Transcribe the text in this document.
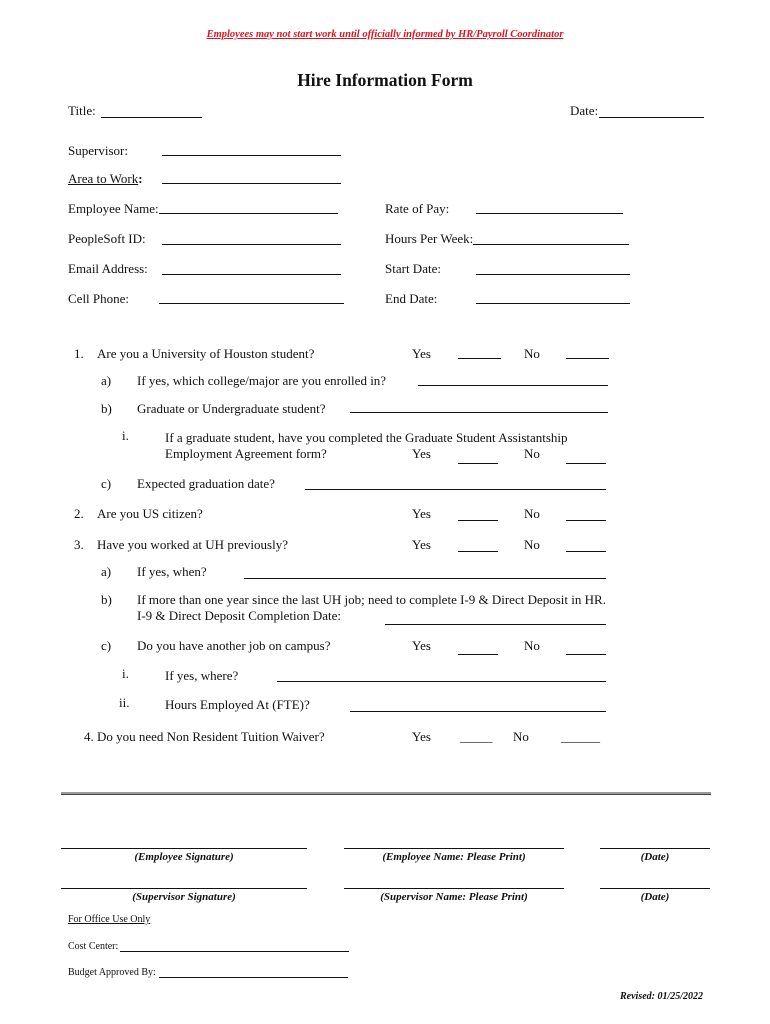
Employees may not start work until officially informed by HR/Payroll Coordinator
Hire Information Form
Title:	Date:
Supervisor:
Area to Work:
Employee Name:	Rate of Pay:
PeopleSoft ID:	Hours Per Week:
Email Address:	Start Date:
Cell Phone:	End Date:
1. Are you a University of Houston student?	Yes	No
a) If yes, which college/major are you enrolled in?
b) Graduate or Undergraduate student?
i.	If a graduate student, have you completed the Graduate Student Assistantship
Employment Agreement form?	Yes	No
c) Expected graduation date?
2. Are you US citizen?	Yes	No
3. Have you worked at UH previously?	Yes	No
a) If yes, when?
b) If more than one year since the last UH job; need to complete I-9 & Direct Deposit in HR.
I-9 & Direct Deposit Completion Date:
c) Do you have another job on campus?	Yes	No
i.	If yes, where?
ii.	Hours Employed At (FTE)?
4. Do you need Non Resident Tuition Waiver?	Yes _____ No ______
(Employee Signature)	(Employee Name: Please Print)	(Date)
(Supervisor Signature)	(Supervisor Name: Please Print)	(Date)
For Office Use Only
Cost Center:
Budget Approved By:
Revised: 01/25/2022
